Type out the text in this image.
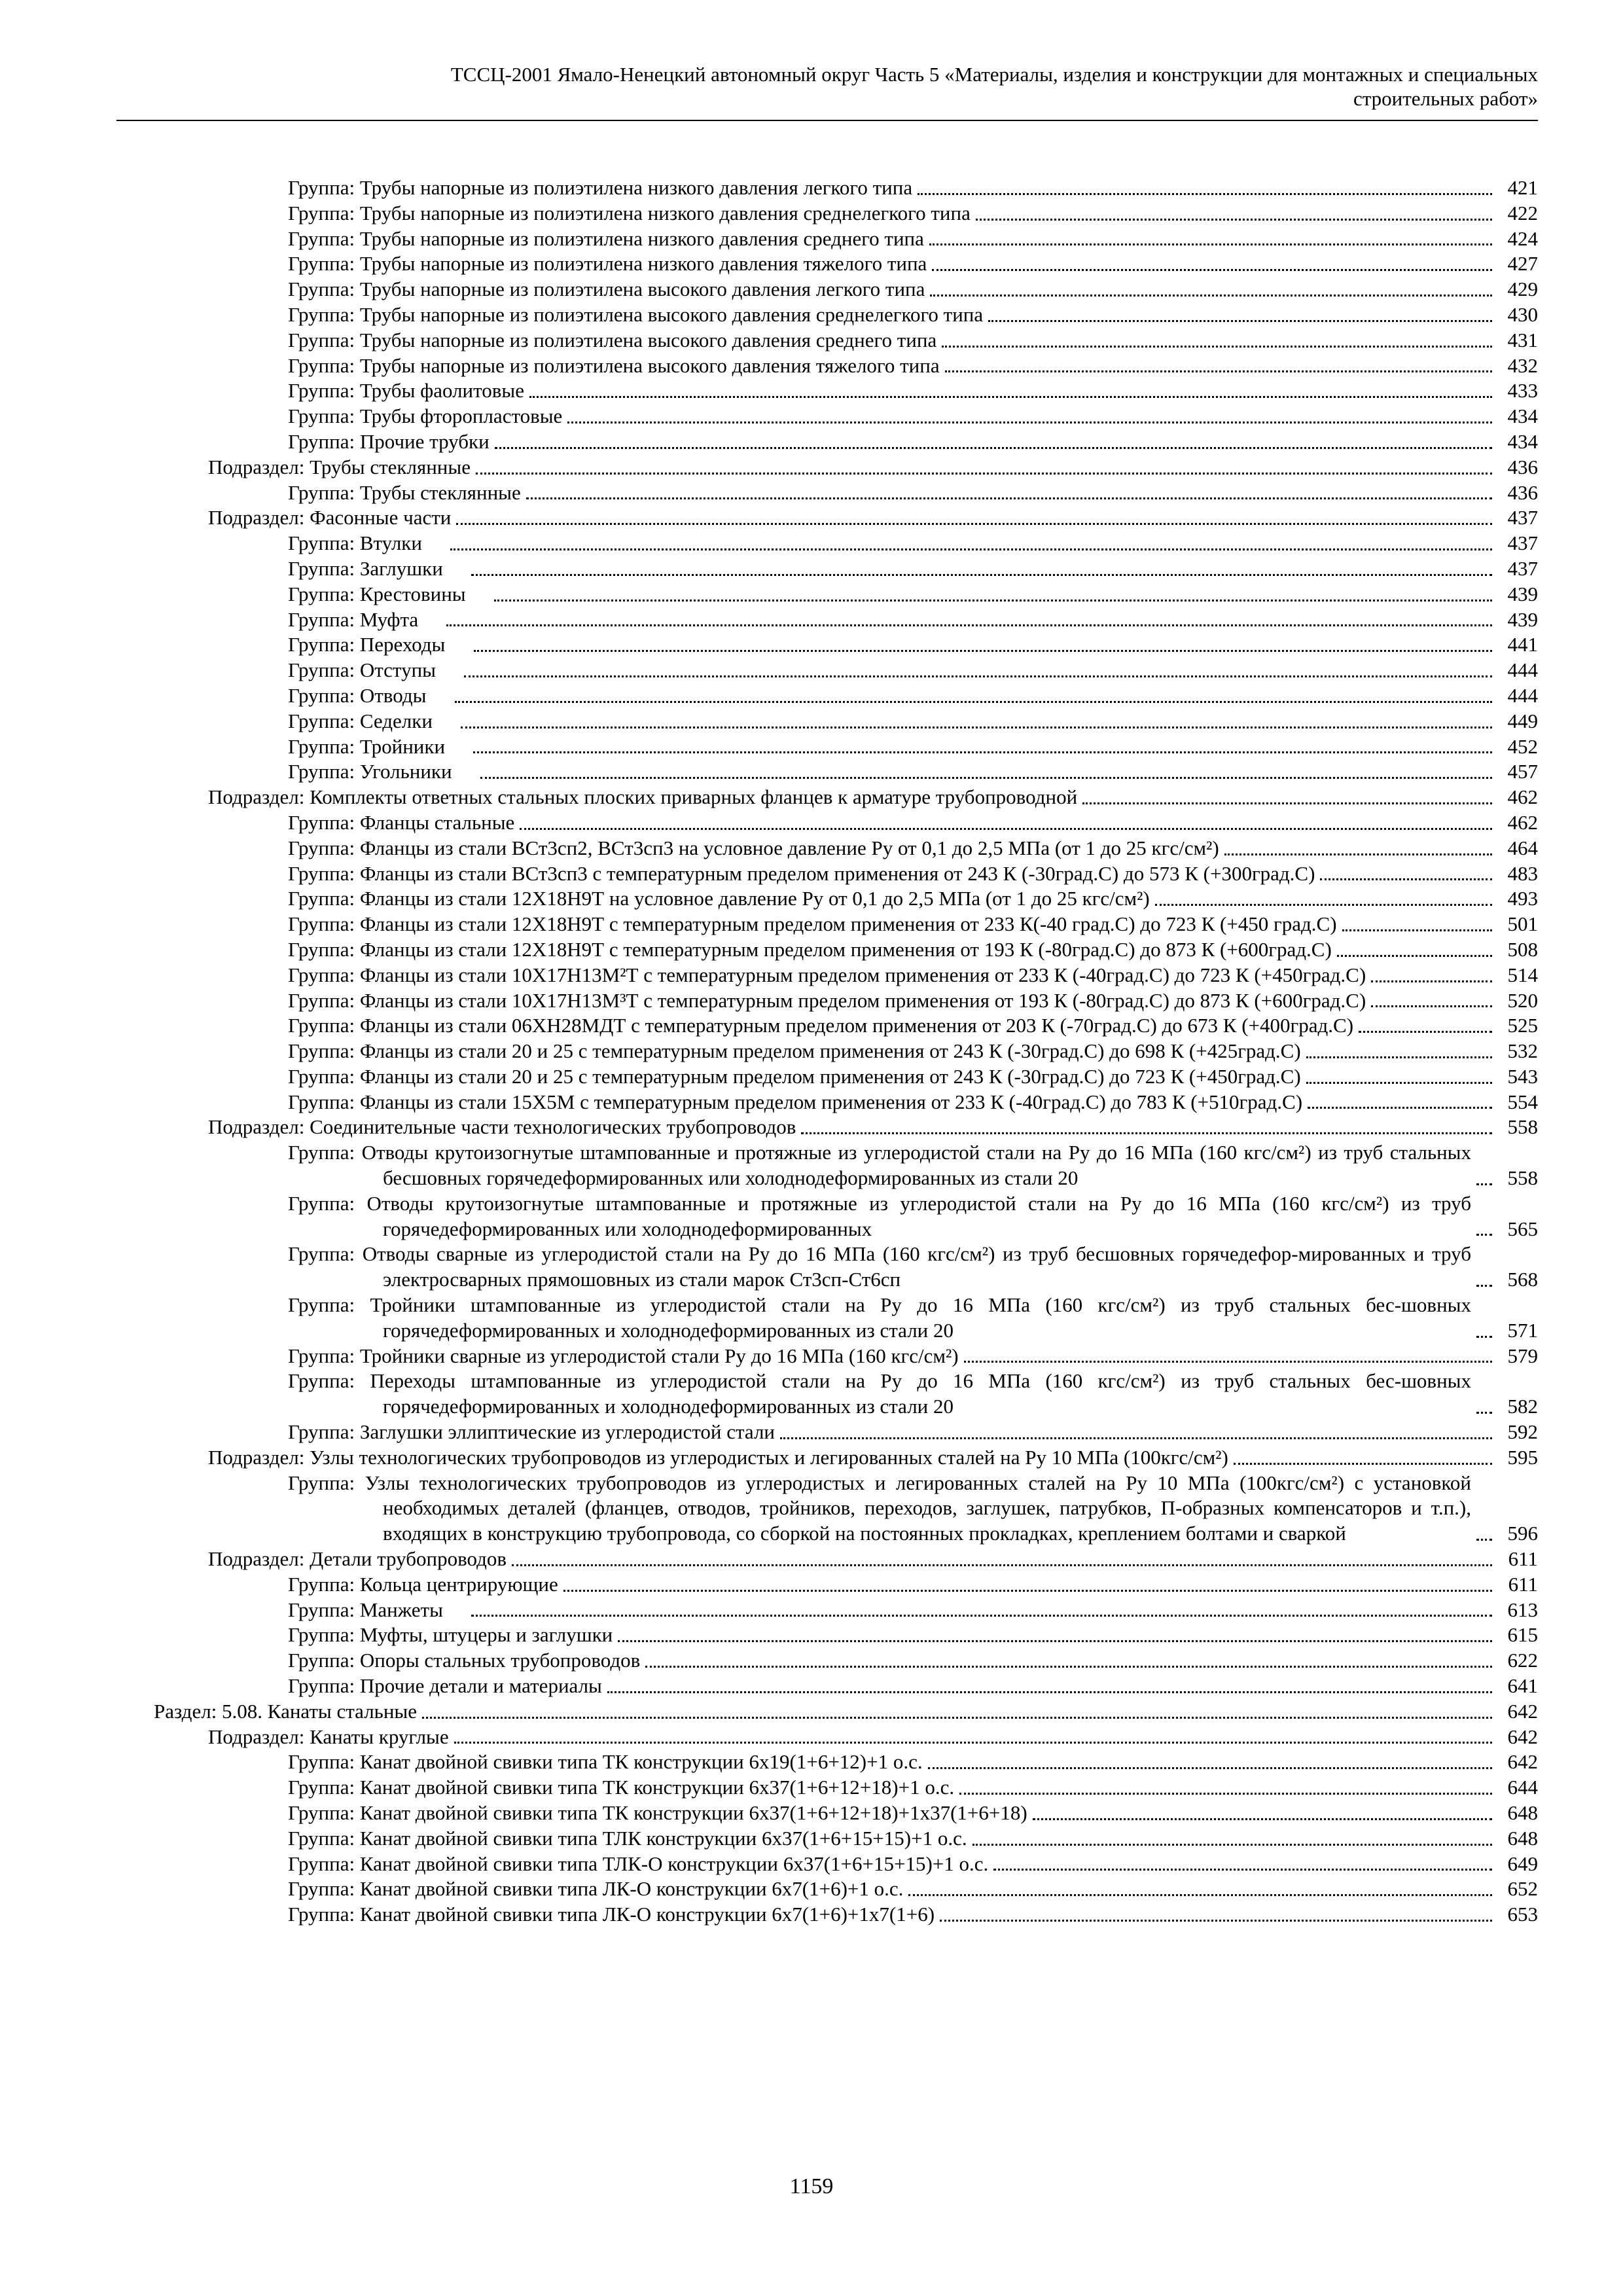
ТССЦ-2001 Ямало-Ненецкий автономный округ Часть 5 «Материалы, изделия и конструкции для монтажных и специальных
строительных работ»
Группа: Трубы напорные из полиэтилена низкого давления легкого типа	421
Группа: Трубы напорные из полиэтилена низкого давления среднелегкого типа	422
Группа: Трубы напорные из полиэтилена низкого давления среднего типа	424
Группа: Трубы напорные из полиэтилена низкого давления тяжелого типа	427
Группа: Трубы напорные из полиэтилена высокого давления легкого типа	429
Группа: Трубы напорные из полиэтилена высокого давления среднелегкого типа	430
Группа: Трубы напорные из полиэтилена высокого давления среднего типа	431
Группа: Трубы напорные из полиэтилена высокого давления тяжелого типа	432
Группа: Трубы фаолитовые	433
Группа: Трубы фторопластовые	434
Группа: Прочие трубки	434
Подраздел: Трубы стеклянные	436
Группа: Трубы стеклянные	436
Подраздел: Фасонные части	437
Группа: Втулки	437
Группа: Заглушки	437
Группа: Крестовины	439
Группа: Муфта	439
Группа: Переходы	441
Группа: Отступы	444
Группа: Отводы	444
Группа: Седелки	449
Группа: Тройники	452
Группа: Угольники	457
Подраздел: Комплекты ответных стальных плоских приварных фланцев к арматуре трубопроводной	462
Группа: Фланцы стальные	462
Группа: Фланцы из стали ВСт3сп2, ВСт3сп3 на условное давление Ру от 0,1 до 2,5 МПа (от 1 до 25 кгс/см²)	464
Группа: Фланцы из стали ВСт3сп3 с температурным пределом применения от 243 К (-30град.С) до 573 К (+300град.С)	483
Группа: Фланцы из стали 12Х18Н9Т на условное давление Ру от 0,1 до 2,5 МПа (от 1 до 25 кгс/см²)	493
Группа: Фланцы из стали 12Х18Н9Т с температурным пределом применения от 233 К(-40 град.С) до 723 К (+450 град.С)	501
Группа: Фланцы из стали 12Х18Н9Т с температурным пределом применения от 193 К (-80град.С) до 873 К (+600град.С)	508
Группа: Фланцы из стали 10Х17Н13М²Т с температурным пределом применения от 233 К (-40град.С) до 723 К (+450град.С)	514
Группа: Фланцы из стали 10Х17Н13М³Т с температурным пределом применения от 193 К (-80град.С) до 873 К (+600град.С)	520
Группа: Фланцы из стали 06ХН28МДТ с температурным пределом применения от 203 К (-70град.С) до 673 К (+400град.С)	525
Группа: Фланцы из стали 20 и 25 с температурным пределом применения от 243 К (-30град.С) до 698 К (+425град.С)	532
Группа: Фланцы из стали 20 и 25 с температурным пределом применения от 243 К (-30град.С) до 723 К (+450град.С)	543
Группа: Фланцы из стали 15Х5М с температурным пределом применения от 233 К (-40град.С) до 783 К (+510град.С)	554
Подраздел: Соединительные части технологических трубопроводов	558
Группа: Отводы крутоизогнутые штампованные и протяжные из углеродистой стали на Ру до 16 МПа (160 кгс/см²) из труб стальных бесшовных горячедеформированных или холоднодеформированных из стали 20	558
Группа: Отводы крутоизогнутые штампованные и протяжные из углеродистой стали на Ру до 16 МПа (160 кгс/см²) из труб горячедеформированных или холоднодеформированных	565
Группа: Отводы сварные из углеродистой стали на Ру до 16 МПа (160 кгс/см²) из труб бесшовных горячедефор-мированных и труб электросварных прямошовных из стали марок Ст3сп-Ст6сп	568
Группа: Тройники штампованные из углеродистой стали на Ру до 16 МПа (160 кгс/см²) из труб стальных бес-шовных горячедеформированных и холоднодеформированных из стали 20	571
Группа: Тройники сварные из углеродистой стали Ру до 16 МПа (160 кгс/см²)	579
Группа: Переходы штампованные из углеродистой стали на Ру до 16 МПа (160 кгс/см²) из труб стальных бес-шовных горячедеформированных и холоднодеформированных из стали 20	582
Группа: Заглушки эллиптические из углеродистой стали	592
Подраздел: Узлы технологических трубопроводов из углеродистых и легированных сталей на Ру 10 МПа (100кгс/см²)	595
Группа: Узлы технологических трубопроводов из углеродистых и легированных сталей на Ру 10 МПа (100кгс/см²) с установкой необходимых деталей (фланцев, отводов, тройников, переходов, заглушек, патрубков, П-образных компенсаторов и т.п.), входящих в конструкцию трубопровода, со сборкой на постоянных прокладках, креплением болтами и сваркой	596
Подраздел: Детали трубопроводов	611
Группа: Кольца центрирующие	611
Группа: Манжеты	613
Группа: Муфты, штуцеры и заглушки	615
Группа: Опоры стальных трубопроводов	622
Группа: Прочие детали и материалы	641
Раздел: 5.08. Канаты стальные	642
Подраздел: Канаты круглые	642
Группа: Канат двойной свивки типа ТК конструкции 6х19(1+6+12)+1 о.с.	642
Группа: Канат двойной свивки типа ТК конструкции 6х37(1+6+12+18)+1 о.с.	644
Группа: Канат двойной свивки типа ТК конструкции 6х37(1+6+12+18)+1х37(1+6+18)	648
Группа: Канат двойной свивки типа ТЛК конструкции 6х37(1+6+15+15)+1 о.с.	648
Группа: Канат двойной свивки типа ТЛК-О конструкции 6х37(1+6+15+15)+1 о.с.	649
Группа: Канат двойной свивки типа ЛК-О конструкции 6х7(1+6)+1 о.с.	652
Группа: Канат двойной свивки типа ЛК-О конструкции 6х7(1+6)+1х7(1+6)	653
1159
